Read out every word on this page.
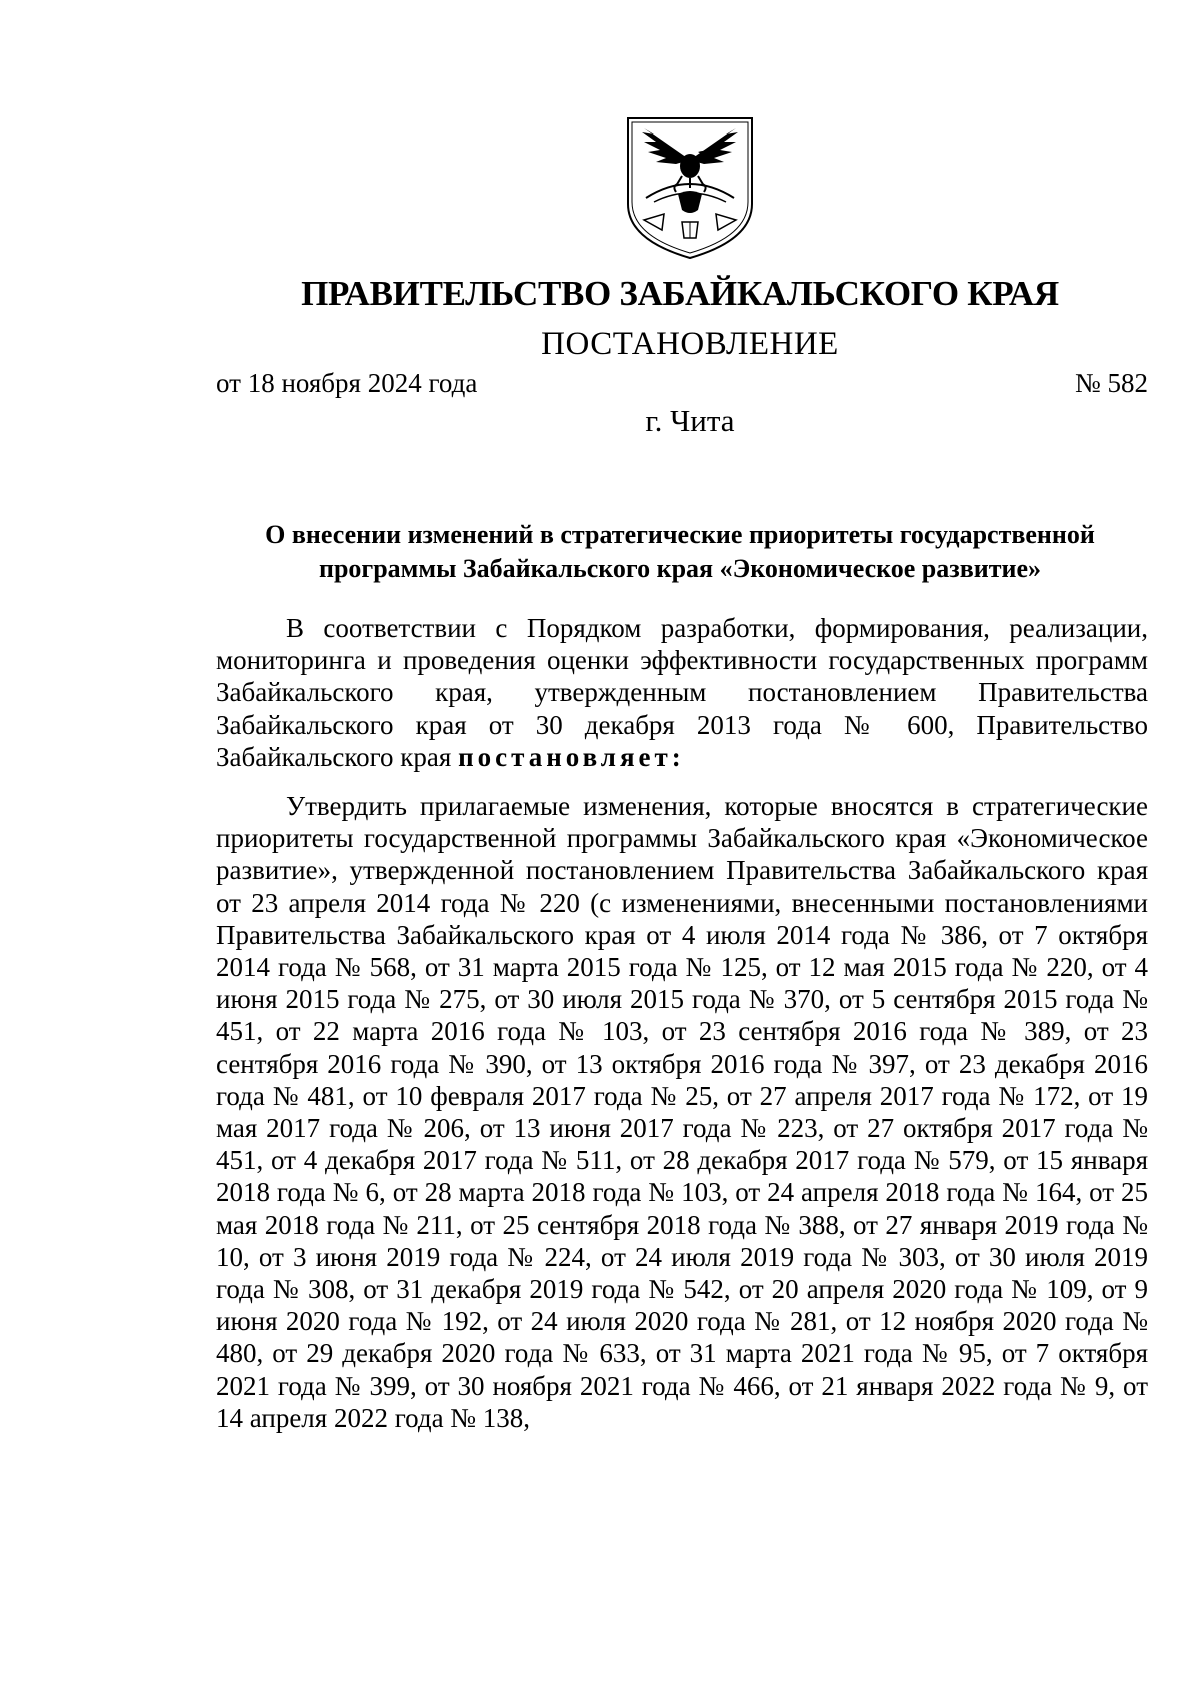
ПРАВИТЕЛЬСТВО ЗАБАЙКАЛЬСКОГО КРАЯ
ПОСТАНОВЛЕНИЕ
от 18 ноября 2024 года	№ 582
г. Чита
О внесении изменений в стратегические приоритеты государственной программы Забайкальского края «Экономическое развитие»

В соответствии с Порядком разработки, формирования, реализации, мониторинга и проведения оценки эффективности государственных программ Забайкальского края, утвержденным постановлением Правительства Забайкальского края от 30 декабря 2013 года № 600, Правительство Забайкальского края постановляет:

Утвердить прилагаемые изменения, которые вносятся в стратегические приоритеты государственной программы Забайкальского края «Экономическое развитие», утвержденной постановлением Правительства Забайкальского края от 23 апреля 2014 года № 220 (с изменениями, внесенными постановлениями Правительства Забайкальского края от 4 июля 2014 года № 386, от 7 октября 2014 года № 568, от 31 марта 2015 года № 125, от 12 мая 2015 года № 220, от 4 июня 2015 года № 275, от 30 июля 2015 года № 370, от 5 сентября 2015 года № 451, от 22 марта 2016 года № 103, от 23 сентября 2016 года № 389, от 23 сентября 2016 года № 390, от 13 октября 2016 года № 397, от 23 декабря 2016 года № 481, от 10 февраля 2017 года № 25, от 27 апреля 2017 года № 172, от 19 мая 2017 года № 206, от 13 июня 2017 года № 223, от 27 октября 2017 года № 451, от 4 декабря 2017 года № 511, от 28 декабря 2017 года № 579, от 15 января 2018 года № 6, от 28 марта 2018 года № 103, от 24 апреля 2018 года № 164, от 25 мая 2018 года № 211, от 25 сентября 2018 года № 388, от 27 января 2019 года № 10, от 3 июня 2019 года № 224, от 24 июля 2019 года № 303, от 30 июля 2019 года № 308, от 31 декабря 2019 года № 542, от 20 апреля 2020 года № 109, от 9 июня 2020 года № 192, от 24 июля 2020 года № 281, от 12 ноября 2020 года № 480, от 29 декабря 2020 года № 633, от 31 марта 2021 года № 95, от 7 октября 2021 года № 399, от 30 ноября 2021 года № 466, от 21 января 2022 года № 9, от 14 апреля 2022 года № 138,
